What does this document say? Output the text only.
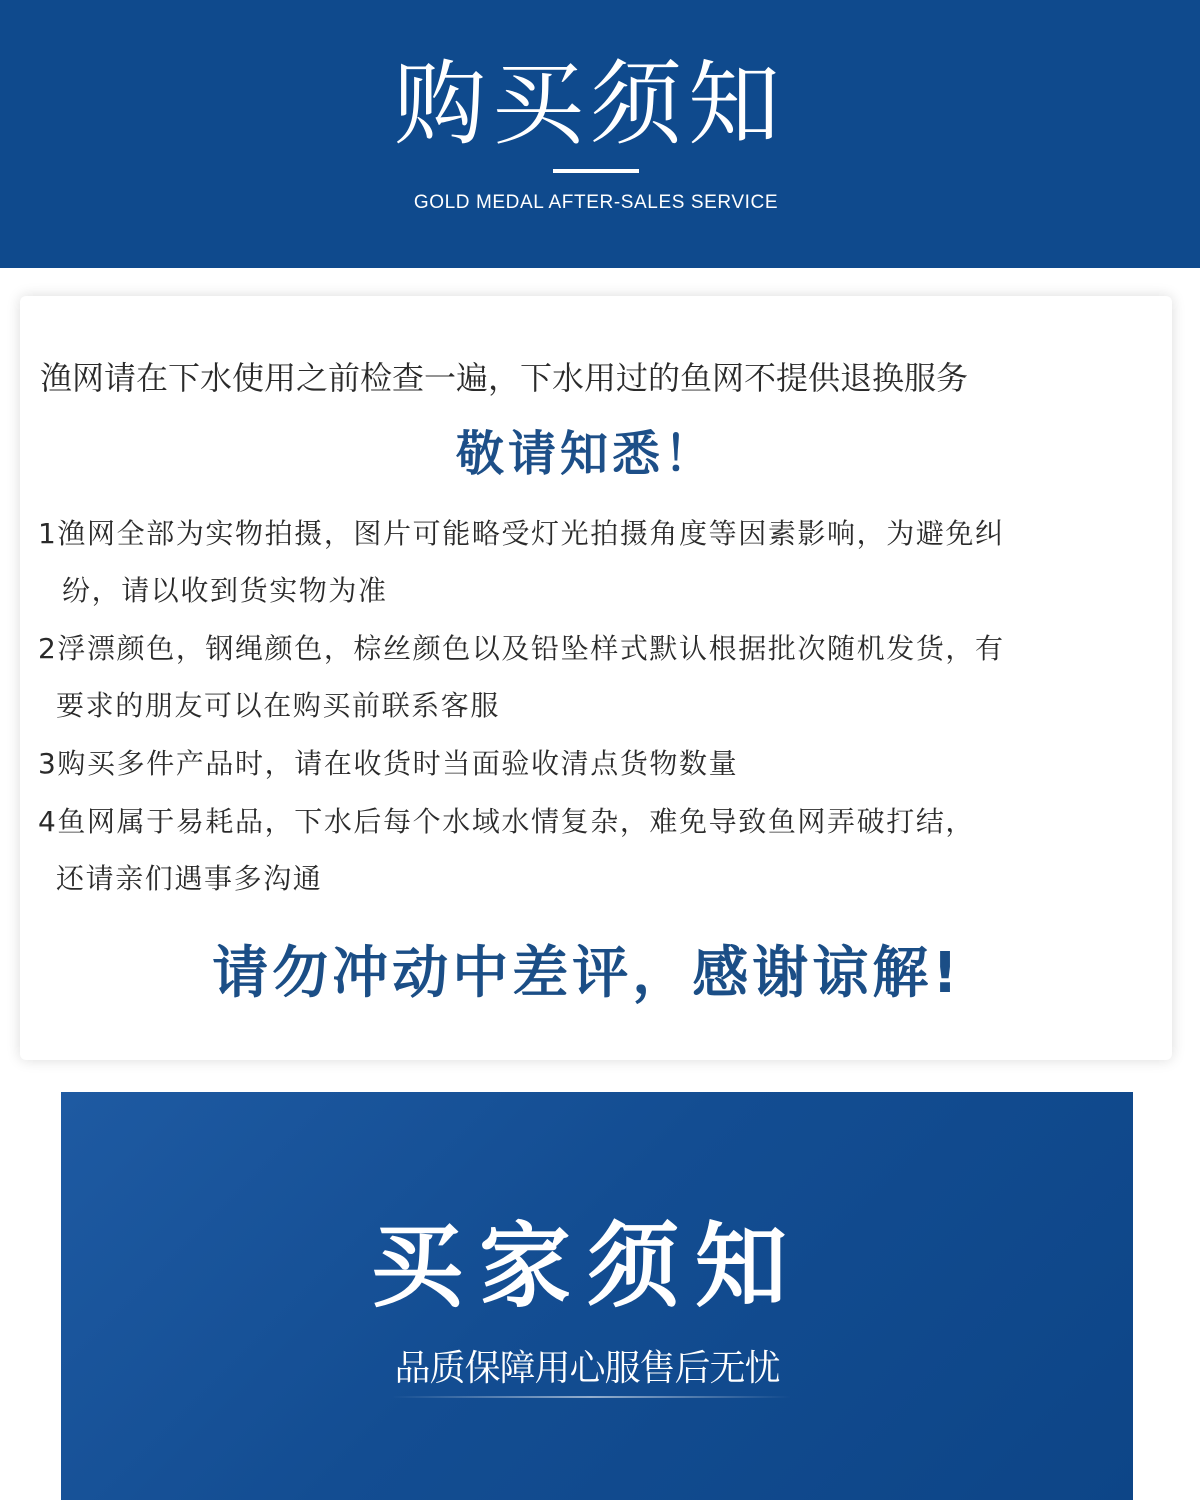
购买须知
GOLD MEDAL AFTER-SALES SERVICE
渔网请在下水使用之前检查一遍，下水用过的鱼网不提供退换服务
敬请知悉！
1渔网全部为实物拍摄，图片可能略受灯光拍摄角度等因素影响，为避免纠
纷，请以收到货实物为准
2浮漂颜色，钢绳颜色，棕丝颜色以及铅坠样式默认根据批次随机发货，有
要求的朋友可以在购买前联系客服
3购买多件产品时，请在收货时当面验收清点货物数量
4鱼网属于易耗品，下水后每个水域水情复杂，难免导致鱼网弄破打结，
还请亲们遇事多沟通
请勿冲动中差评，感谢谅解!
买家须知
品质保障用心服售后无忧
